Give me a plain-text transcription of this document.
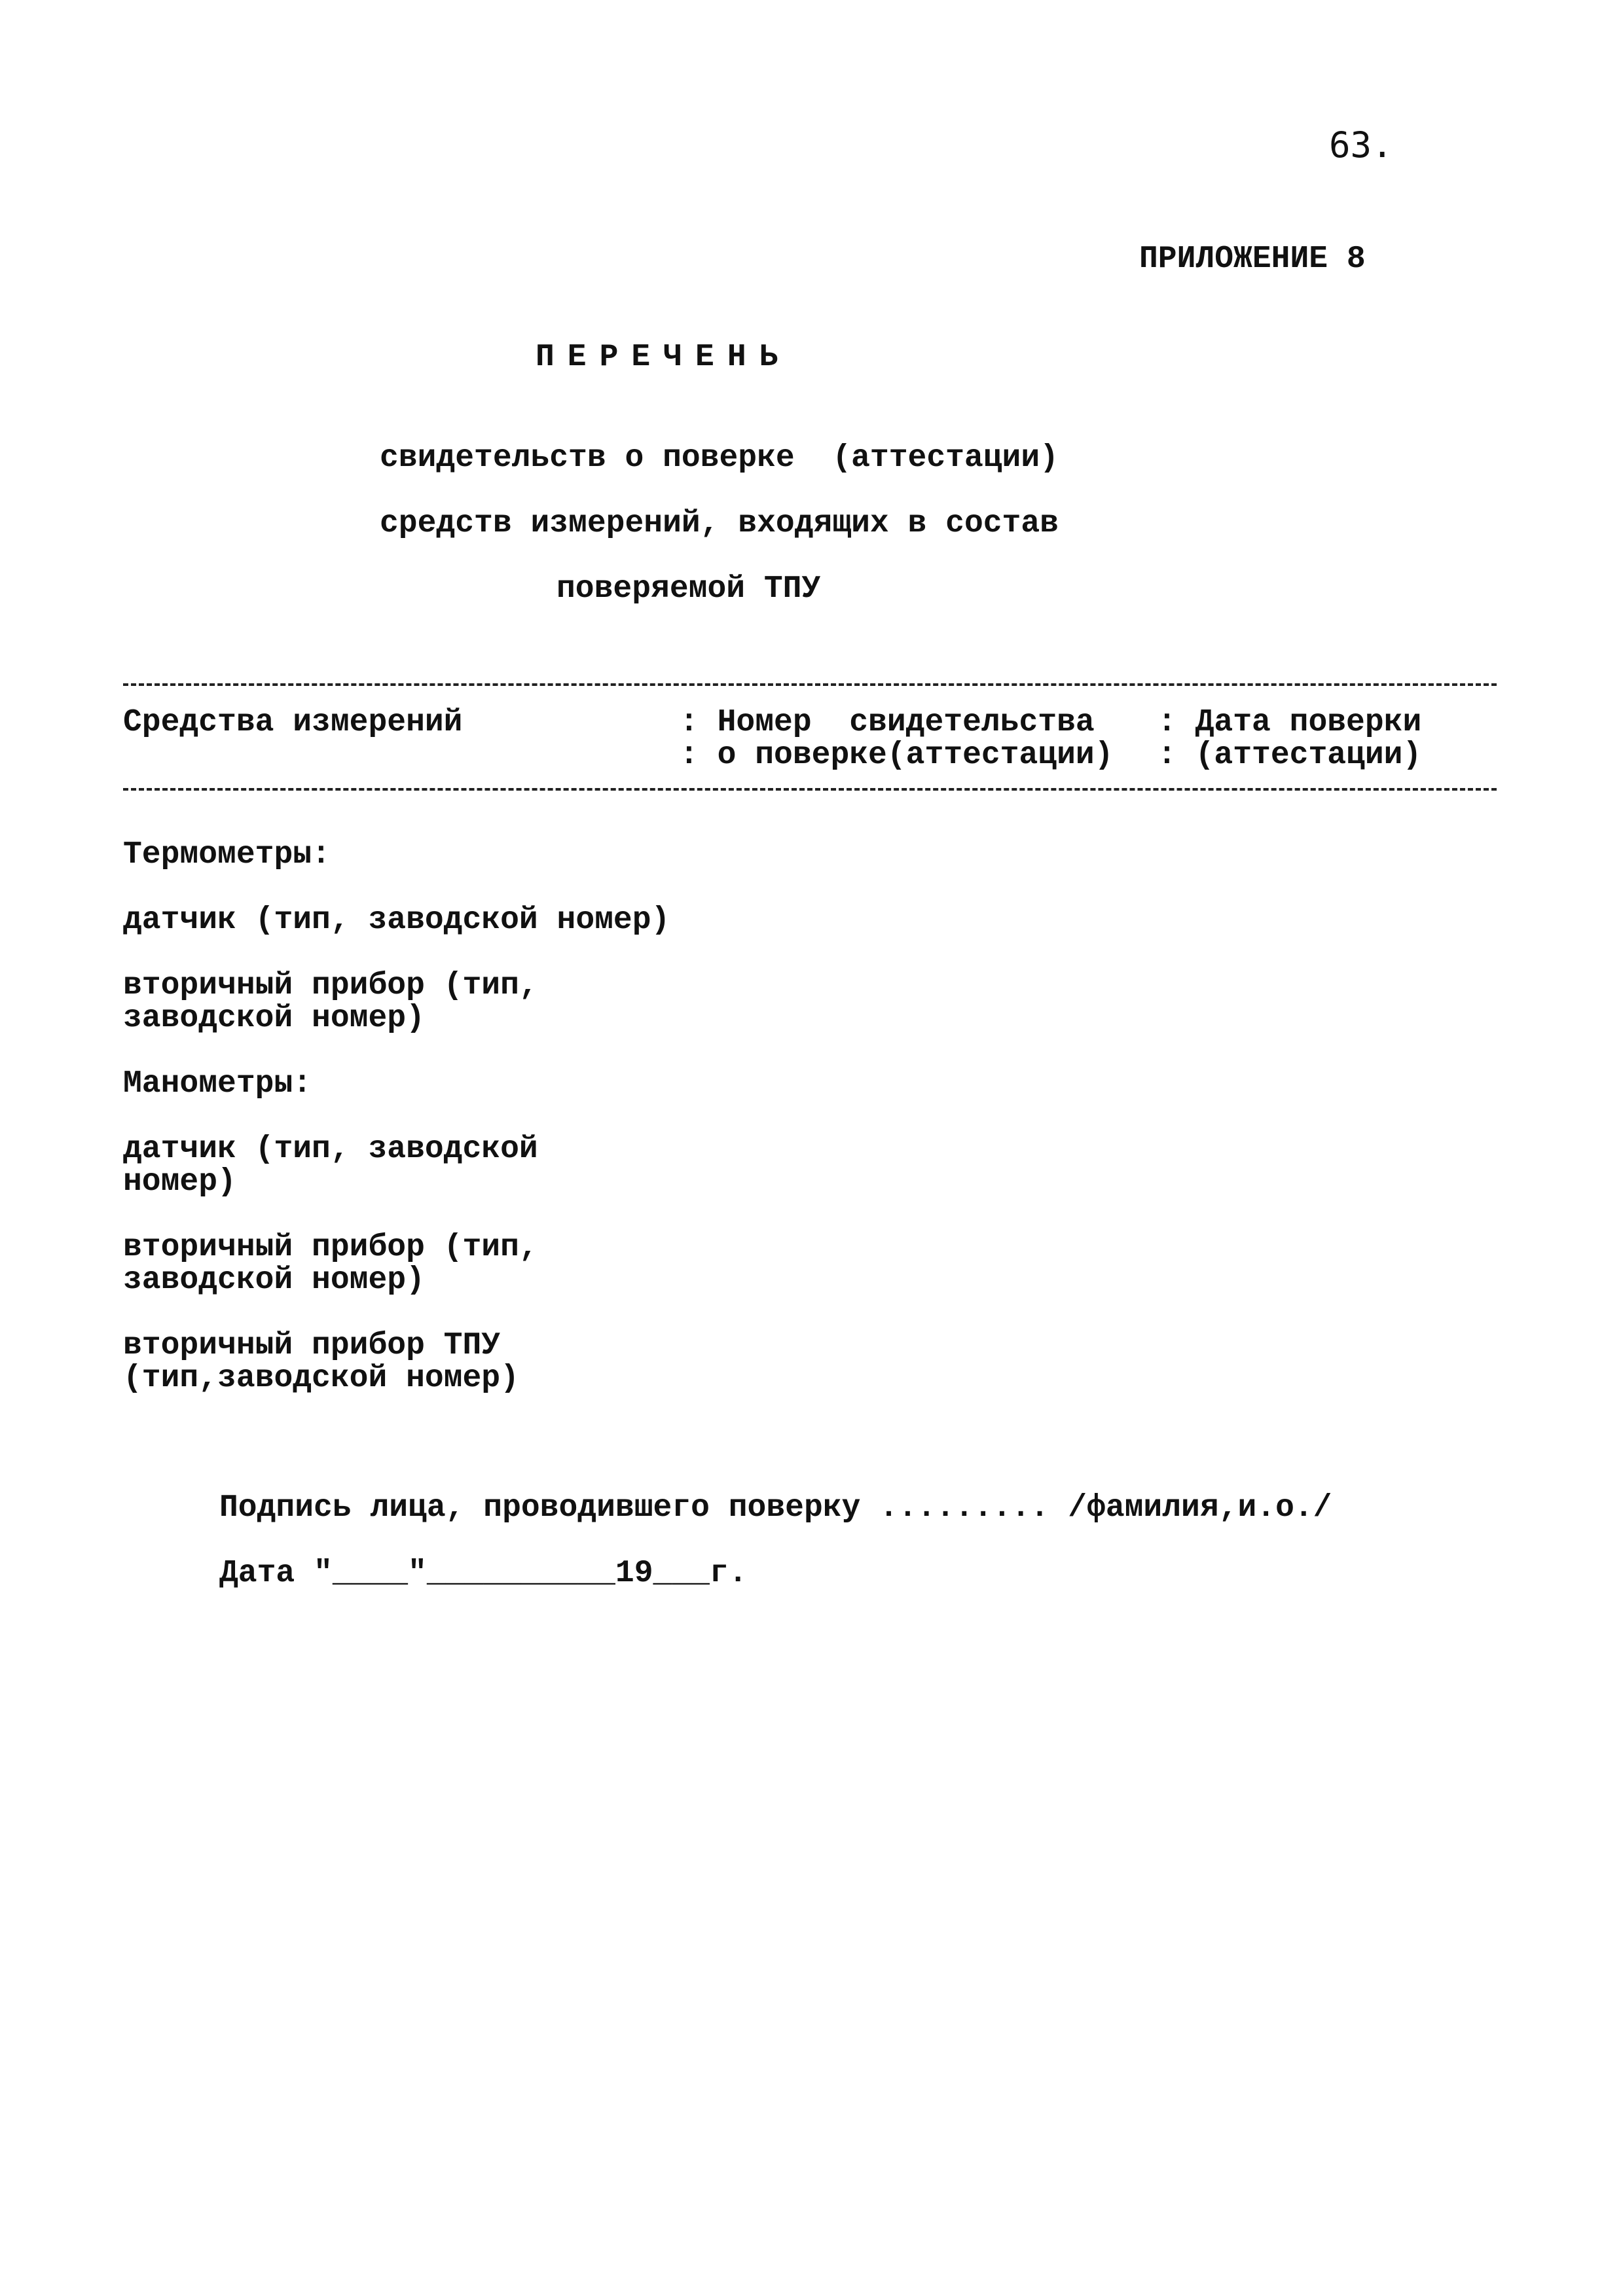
63.
ПРИЛОЖЕНИЕ 8
ПЕРЕЧЕНЬ
свидетельств о поверке  (аттестации)
средств измерений, входящих в состав
поверяемой ТПУ
Средства измерений	: Номер  свидетельства
: о поверке(аттестации)
: Дата поверки
: (аттестации)
Термометры:
датчик (тип, заводской номер)
вторичный прибор (тип,
заводской номер)
Манометры:
датчик (тип, заводской
номер)
вторичный прибор (тип,
заводской номер)
вторичный прибор ТПУ
(тип,заводской номер)
Подпись лица, проводившего поверку ......... /фамилия,и.о./
Дата "____"__________19___г.
